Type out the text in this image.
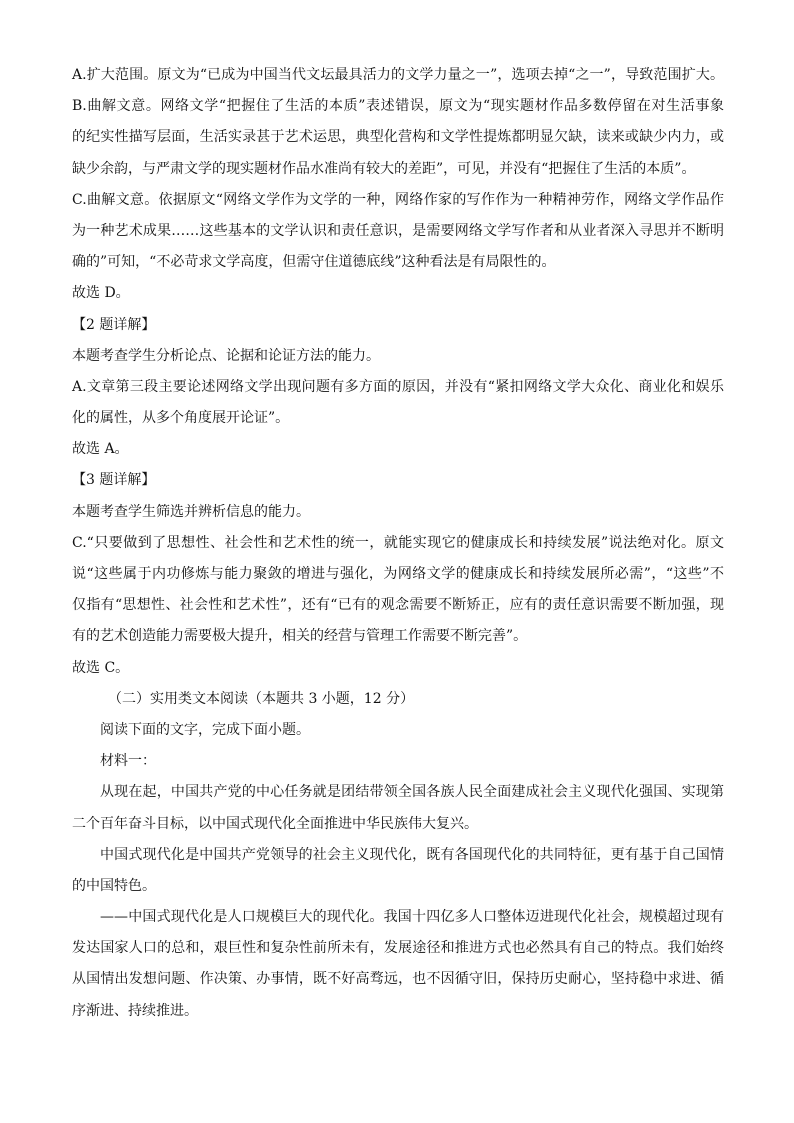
A.扩大范围。原文为“已成为中国当代文坛最具活力的文学力量之一”，选项去掉“之一”，导致范围扩大。
B.曲解文意。网络文学“把握住了生活的本质”表述错误，原文为“现实题材作品多数停留在对生活事象
的纪实性描写层面，生活实录甚于艺术运思，典型化营构和文学性提炼都明显欠缺，读来或缺少内力，或
缺少余韵，与严肃文学的现实题材作品水准尚有较大的差距”，可见，并没有“把握住了生活的本质”。
C.曲解文意。依据原文“网络文学作为文学的一种，网络作家的写作作为一种精神劳作，网络文学作品作
为一种艺术成果……这些基本的文学认识和责任意识，是需要网络文学写作者和从业者深入寻思并不断明
确的”可知，“不必苛求文学高度，但需守住道德底线”这种看法是有局限性的。
故选 D。
【2 题详解】
本题考查学生分析论点、论据和论证方法的能力。
A.文章第三段主要论述网络文学出现问题有多方面的原因，并没有“紧扣网络文学大众化、商业化和娱乐
化的属性，从多个角度展开论证”。
故选 A。
【3 题详解】
本题考查学生筛选并辨析信息的能力。
C.“只要做到了思想性、社会性和艺术性的统一，就能实现它的健康成长和持续发展”说法绝对化。原文
说“这些属于内功修炼与能力聚敛的增进与强化，为网络文学的健康成长和持续发展所必需”，“这些”不
仅指有“思想性、社会性和艺术性”，还有“已有的观念需要不断矫正，应有的责任意识需要不断加强，现
有的艺术创造能力需要极大提升，相关的经营与管理工作需要不断完善”。
故选 C。
（二）实用类文本阅读（本题共 3 小题，12 分）
阅读下面的文字，完成下面小题。
材料一：
从现在起，中国共产党的中心任务就是团结带领全国各族人民全面建成社会主义现代化强国、实现第
二个百年奋斗目标，以中国式现代化全面推进中华民族伟大复兴。
中国式现代化是中国共产党领导的社会主义现代化，既有各国现代化的共同特征，更有基于自己国情
的中国特色。
——中国式现代化是人口规模巨大的现代化。我国十四亿多人口整体迈进现代化社会，规模超过现有
发达国家人口的总和，艰巨性和复杂性前所未有，发展途径和推进方式也必然具有自己的特点。我们始终
从国情出发想问题、作决策、办事情，既不好高骛远，也不因循守旧，保持历史耐心，坚持稳中求进、循
序渐进、持续推进。
